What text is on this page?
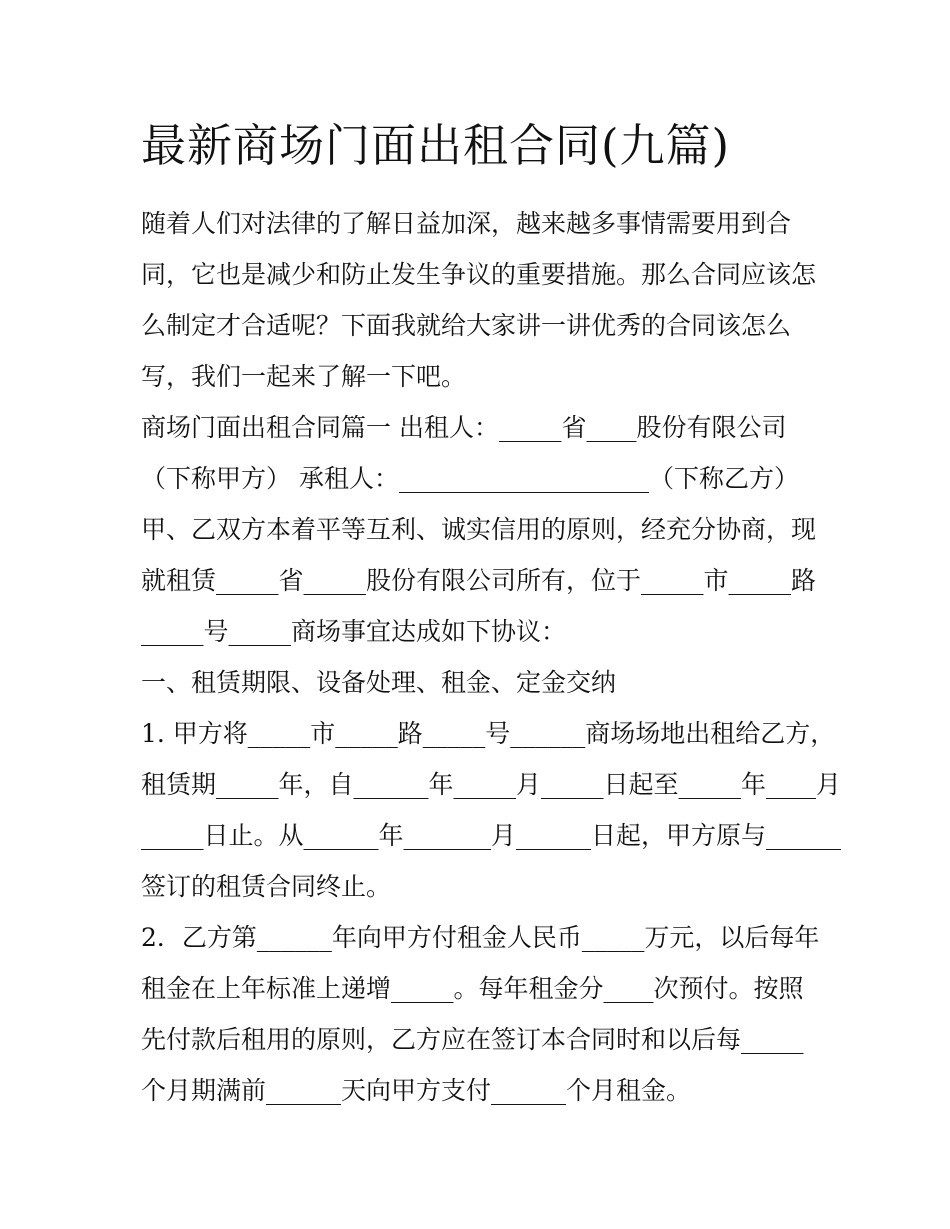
最新商场门面出租合同(九篇)
随着人们对法律的了解日益加深，越来越多事情需要用到合
同，它也是减少和防止发生争议的重要措施。那么合同应该怎
么制定才合适呢？下面我就给大家讲一讲优秀的合同该怎么
写，我们一起来了解一下吧。
商场门面出租合同篇一 出租人：_____省____股份有限公司
（下称甲方） 承租人：____________________（下称乙方）
甲、乙双方本着平等互利、诚实信用的原则，经充分协商，现
就租赁_____省_____股份有限公司所有，位于_____市_____路
_____号_____商场事宜达成如下协议：
一、租赁期限、设备处理、租金、定金交纳
1. 甲方将_____市_____路_____号______商场场地出租给乙方，
租赁期_____年，自______年_____月_____日起至_____年____月
_____日止。从______年_______月______日起，甲方原与______
签订的租赁合同终止。
2．乙方第______年向甲方付租金人民币_____万元，以后每年
租金在上年标准上递增_____。每年租金分____次预付。按照
先付款后租用的原则，乙方应在签订本合同时和以后每_____
个月期满前______天向甲方支付______个月租金。
